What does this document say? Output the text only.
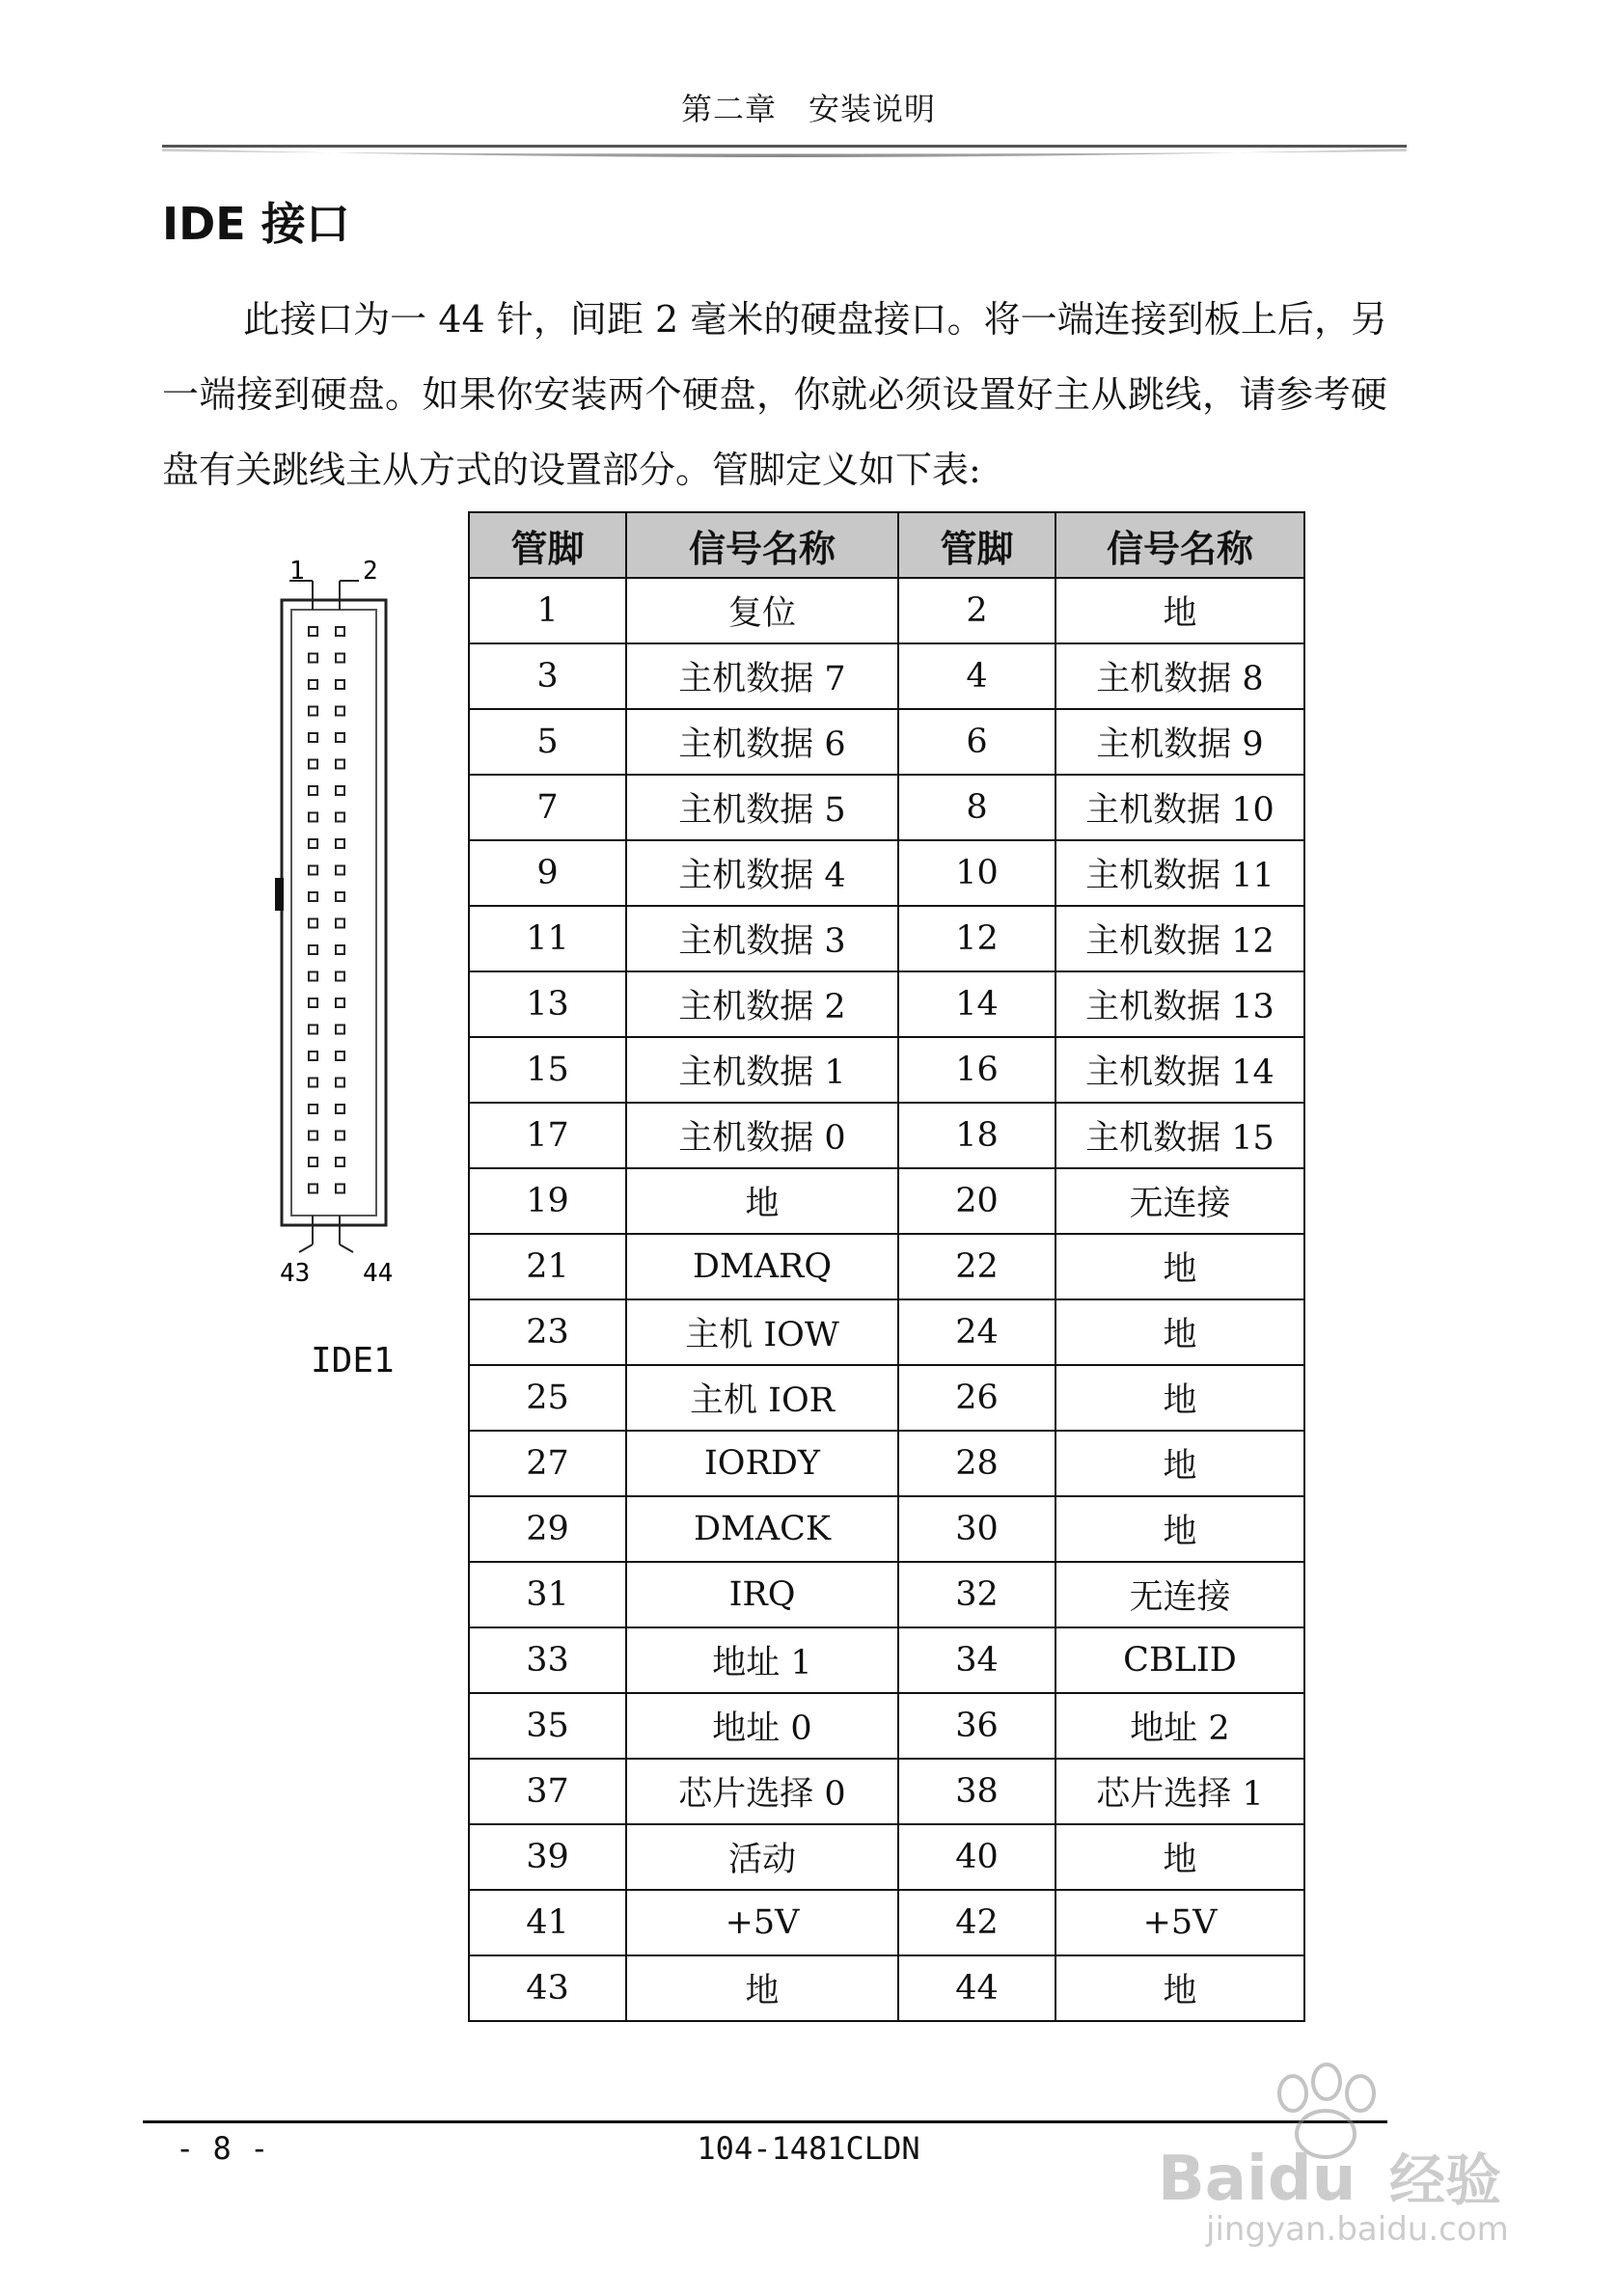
第二章　安装说明
IDE 接口
此接口为一 44 针，间距 2 毫米的硬盘接口。将一端连接到板上后，另一端接到硬盘。如果你安装两个硬盘，你就必须设置好主从跳线，请参考硬盘有关跳线主从方式的设置部分。管脚定义如下表:
1 2
43 44
IDE1
管脚	信号名称	管脚	信号名称
1	复位	2	地
3	主机数据 7	4	主机数据 8
5	主机数据 6	6	主机数据 9
7	主机数据 5	8	主机数据 10
9	主机数据 4	10	主机数据 11
11	主机数据 3	12	主机数据 12
13	主机数据 2	14	主机数据 13
15	主机数据 1	16	主机数据 14
17	主机数据 0	18	主机数据 15
19	地	20	无连接
21	DMARQ	22	地
23	主机 IOW	24	地
25	主机 IOR	26	地
27	IORDY	28	地
29	DMACK	30	地
31	IRQ	32	无连接
33	地址 1	34	CBLID
35	地址 0	36	地址 2
37	芯片选择 0	38	芯片选择 1
39	活动	40	地
41	+5V	42	+5V
43	地	44	地
- 8 -	104-1481CLDN	Baidu 经验
jingyan.baidu.com
